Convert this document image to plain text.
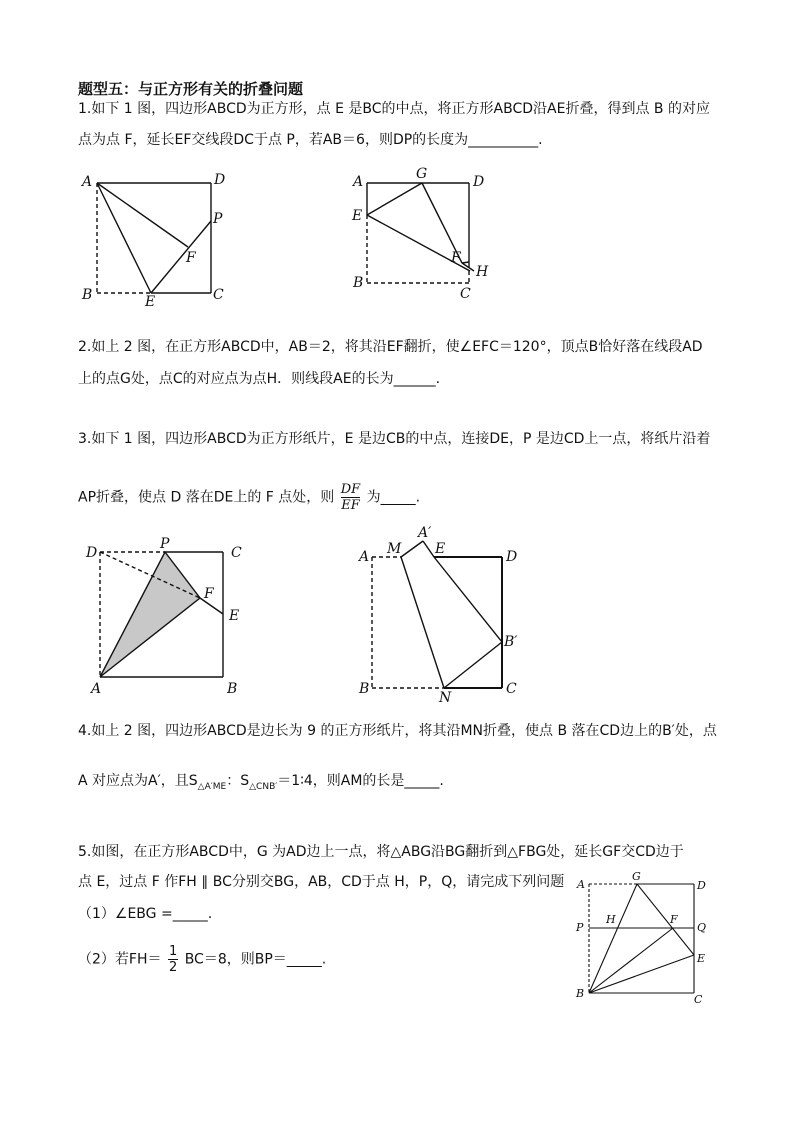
题型五：与正方形有关的折叠问题
1.如下 1 图，四边形ABCD为正方形，点 E 是BC的中点，将正方形ABCD沿AE折叠，得到点 B 的对应
点为点 F，延长EF交线段DC于点 P，若AB＝6，则DP的长度为__________.
2.如上 2 图，在正方形ABCD中，AB＝2，将其沿EF翻折，使∠EFC＝120°，顶点B恰好落在线段AD
上的点G处，点C的对应点为点H．则线段AE的长为______.
3.如下 1 图，四边形ABCD为正方形纸片，E 是边CB的中点，连接DE，P 是边CD上一点，将纸片沿着
AP折叠，使点 D 落在DE上的 F 点处，则 $\frac{DF}{EF}$ 为_____.
4.如上 2 图，四边形ABCD是边长为 9 的正方形纸片，将其沿MN折叠，使点 B 落在CD边上的B′处，点
A 对应点为A′，且$S_{\triangle A'ME}$：$S_{\triangle CNB'}=1∶4$，则AM的长是_____.
5.如图，在正方形ABCD中，G 为AD边上一点，将△ABG沿BG翻折到△FBG处，延长GF交CD边于
点 E，过点 F 作FH ∥ BC分别交BG，AB，CD于点 H，P，Q，请完成下列问题
（1）∠EBG =_____.
（2）若$FH= \frac{1}{2} BC=8$，则BP＝_____.
A	D
P
F
B	E	C
A	G	D
E
F
H
B
C
D
P
C
F
E
A	B
A′
A M E	D
B′
B
N
C
G
A	D
P
H	F
Q
E
B	C
